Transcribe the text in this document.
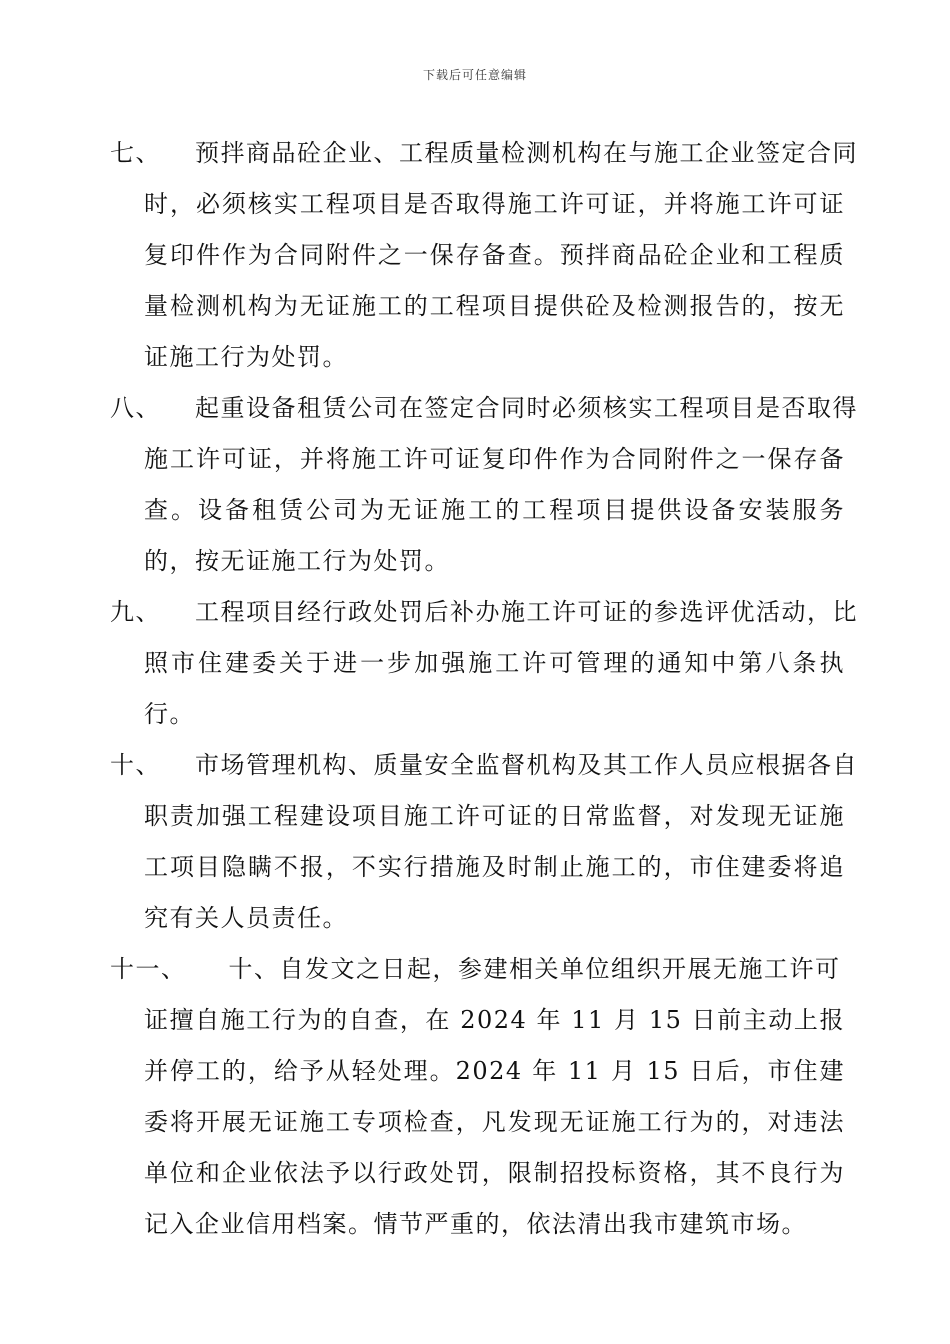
下载后可任意编辑
七、 预拌商品砼企业、工程质量检测机构在与施工企业签定合同
时，必须核实工程项目是否取得施工许可证，并将施工许可证复印件作为合同附件之一保存备查。预拌商品砼企业和工程质量检测机构为无证施工的工程项目提供砼及检测报告的，按无证施工行为处罚。
八、 起重设备租赁公司在签定合同时必须核实工程项目是否取得
施工许可证，并将施工许可证复印件作为合同附件之一保存备查。设备租赁公司为无证施工的工程项目提供设备安装服务的，按无证施工行为处罚。
九、 工程项目经行政处罚后补办施工许可证的参选评优活动，比
照市住建委关于进一步加强施工许可管理的通知中第八条执行。
十、 市场管理机构、质量安全监督机构及其工作人员应根据各自
职责加强工程建设项目施工许可证的日常监督，对发现无证施工项目隐瞒不报，不实行措施及时制止施工的，市住建委将追究有关人员责任。
十一、 十、自发文之日起，参建相关单位组织开展无施工许可
证擅自施工行为的自查，在 2024 年 11 月 15 日前主动上报并停工的，给予从轻处理。2024 年 11 月 15 日后，市住建委将开展无证施工专项检查，凡发现无证施工行为的，对违法单位和企业依法予以行政处罚，限制招投标资格，其不良行为记入企业信用档案。情节严重的，依法清出我市建筑市场。
